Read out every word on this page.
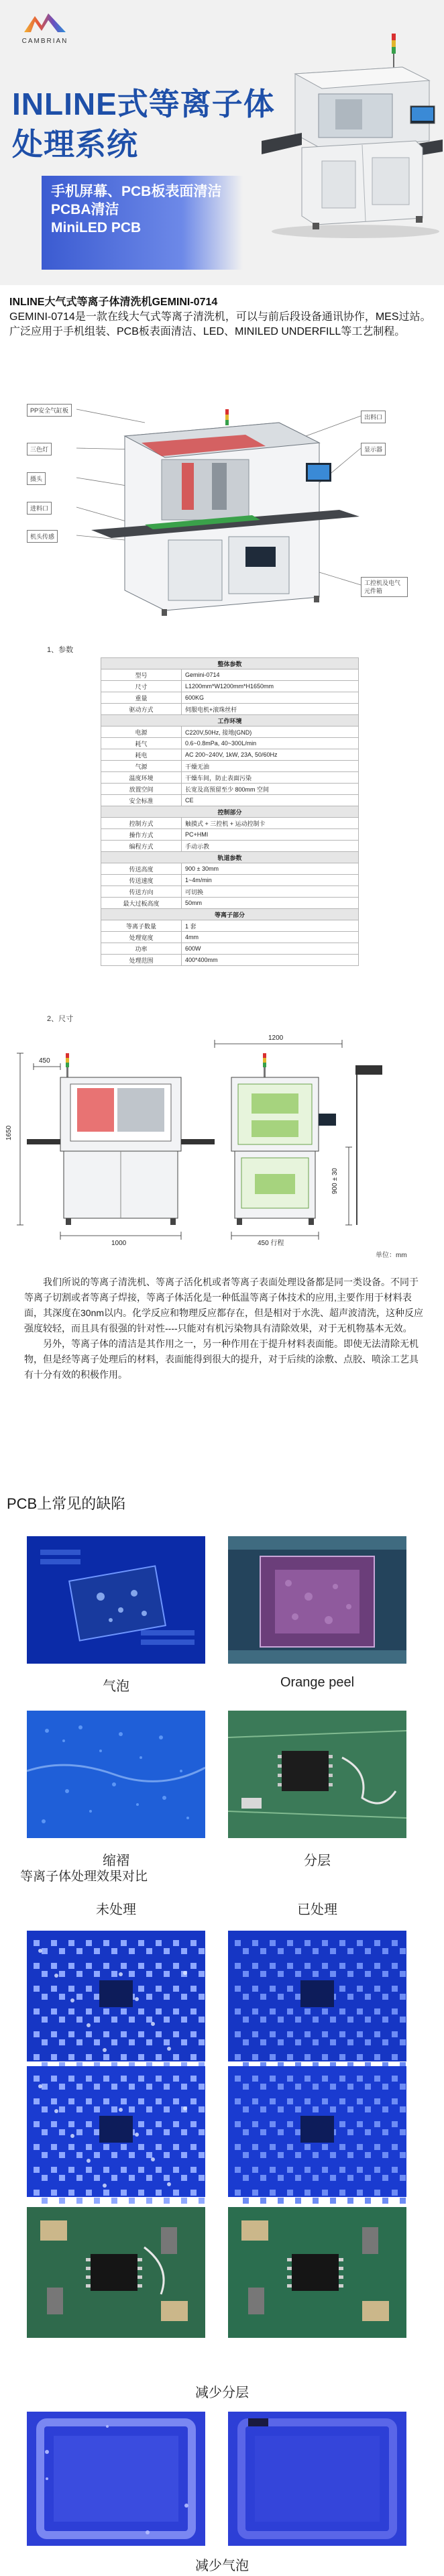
CAMBRIAN
INLINE式等离子体
处理系统
手机屏幕、PCB板表面清洁
PCBA清洁
MiniLED PCB
INLINE大气式等离子体清洗机GEMINI-0714
GEMINI-0714是一款在线大气式等离子清洗机，可以与前后段设备通讯协作，MES过站。广泛应用于手机组装、PCB板表面清洁、LED、MINILED UNDERFILL等工艺制程。
PP安全气缸板
三色灯
摄头
进料口
机头传感
出料口
显示器
工控机及电气元件箱
1、参数
整体参数	
型号	Gemini-0714
尺寸	L1200mm*W1200mm*H1650mm
重量	600KG
驱动方式	伺服电机+滚珠丝杆
工作环境	
电源	C220V,50Hz, 接地(GND)
耗气	0.6~0.8mPa, 40~300L/min
耗电	AC 200~240V, 1kW, 23A, 50/60Hz
气源	干燥无油
温度环境	干燥车间，防止表面污染
放置空间	长宽及高预留至少 800mm 空间
安全标准	CE
控制部分	
控制方式	触摸式 + 三控机 + 运动控制卡
操作方式	PC+HMI
编程方式	手动示教
轨道参数	
传送高度	900 ± 30mm
传送速度	1~4m/min
传送方向	可切换
最大过板高度	50mm
等离子部分	
等离子数量	1 套
处理宽度	4mm
功率	600W
处理范围	400*400mm
2、尺寸
450
1650
1000
1200
450 行程
900 ± 30
单位：mm

我们所说的等离子清洗机、等离子活化机或者等离子表面处理设备都是同一类设备。不同于等离子切割或者等离子焊接，等离子体活化是一种低温等离子体技术的应用,主要作用于材料表面，其深度在30nm以内。化学反应和物理反应都存在，但是相对于水洗、超声波清洗，这种反应强度较轻，而且具有很强的针对性----只能对有机污染物具有清除效果，对于无机物基本无效。

另外，等离子体的清洁是其作用之一，另一种作用在于提升材料表面能。即使无法清除无机物，但是经等离子处理后的材料，表面能得到很大的提升，对于后续的涂敷、点胶、喷涂工艺具有十分有效的积极作用。

PCB上常见的缺陷
气泡	Orange peel
缩褶	分层
等离子体处理效果对比
未处理	已处理
减少分层
减少气泡
